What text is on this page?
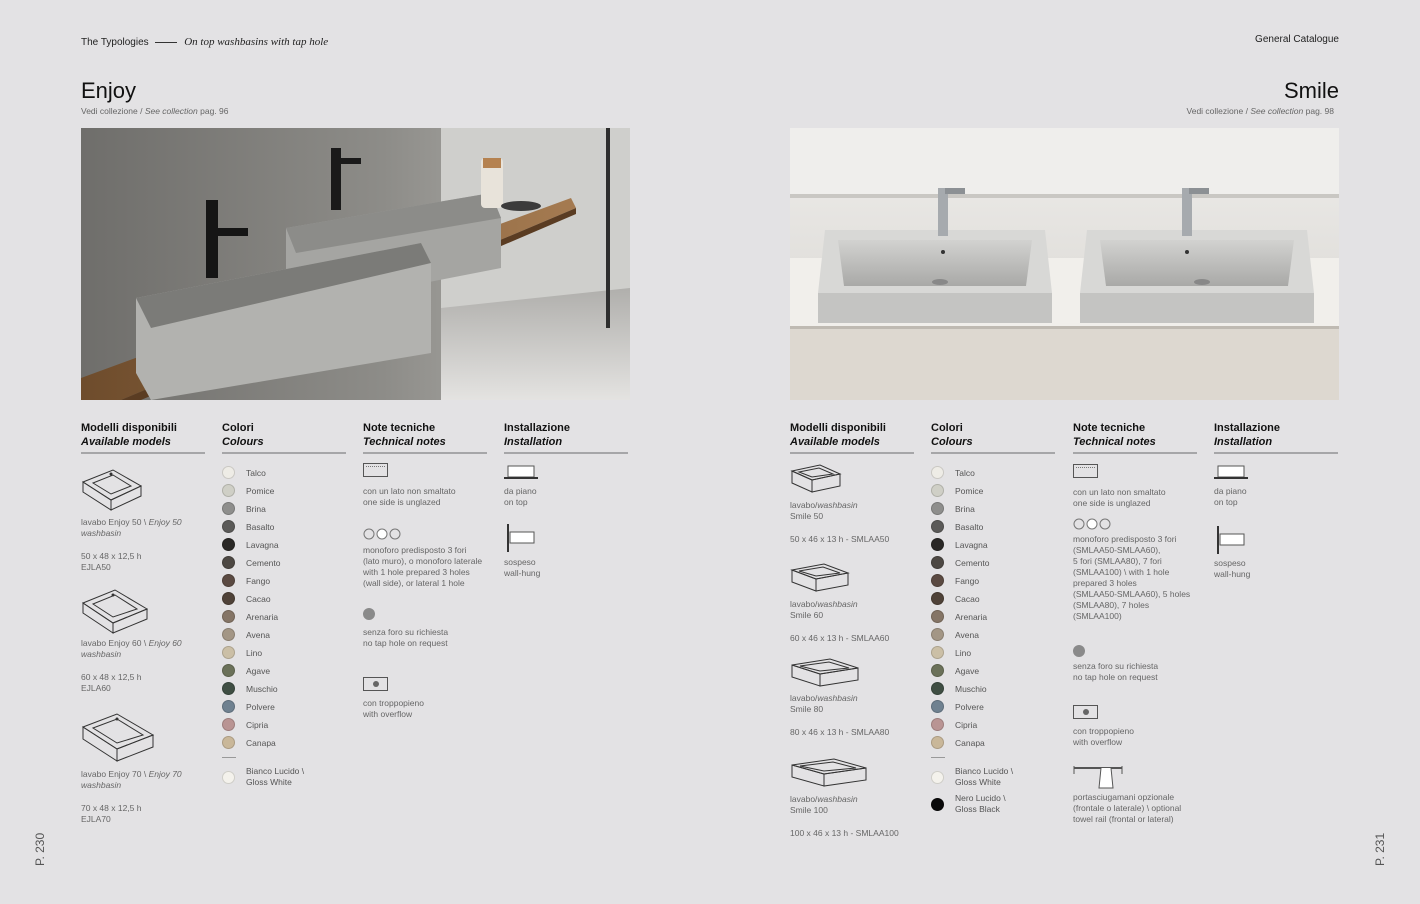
The Typologies	On top washbasins with tap hole	General Catalogue
Enjoy
Vedi collezione / See collection pag. 96
Modelli disponibili
Available models
Colori
Colours
Note tecniche
Technical notes
Installazione
Installation
lavabo Enjoy 50 \ Enjoy 50 washbasin
50 x 48 x 12,5 h
EJLA50
lavabo Enjoy 60 \ Enjoy 60 washbasin
60 x 48 x 12,5 h
EJLA60
lavabo Enjoy 70 \ Enjoy 70 washbasin
70 x 48 x 12,5 h
EJLA70
Talco
Pomice
Brina
Basalto
Lavagna
Cemento
Fango
Cacao
Arenaria
Avena
Lino
Agave
Muschio
Polvere
Cipria
Canapa
Bianco Lucido \
Gloss White
con un lato non smaltato
one side is unglazed
monoforo predisposto 3 fori
(lato muro), o monoforo laterale
with 1 hole prepared 3 holes
(wall side), or lateral 1 hole
senza foro su richiesta
no tap hole on request
con troppopieno
with overflow
da piano
on top
sospeso
wall-hung
P. 230
Smile
Vedi collezione / See collection pag. 98
Modelli disponibili
Available models
Colori
Colours
Note tecniche
Technical notes
Installazione
Installation
lavabo/washbasin
Smile 50
50 x 46 x 13 h - SMLAA50
lavabo/washbasin
Smile 60
60 x 46 x 13 h - SMLAA60
lavabo/washbasin
Smile 80
80 x 46 x 13 h - SMLAA80
lavabo/washbasin
Smile 100
100 x 46 x 13 h - SMLAA100
Talco
Pomice
Brina
Basalto
Lavagna
Cemento
Fango
Cacao
Arenaria
Avena
Lino
Agave
Muschio
Polvere
Cipria
Canapa
Bianco Lucido \
Gloss White
Nero Lucido \
Gloss Black
con un lato non smaltato
one side is unglazed
monoforo predisposto 3 fori
(SMLAA50-SMLAA60),
5 fori (SMLAA80), 7 fori
(SMLAA100) \ with 1 hole
prepared 3 holes
(SMLAA50-SMLAA60), 5 holes
(SMLAA80), 7 holes
(SMLAA100)
senza foro su richiesta
no tap hole on request
con troppopieno
with overflow
portasciugamani opzionale
(frontale o laterale) \ optional
towel rail (frontal or lateral)
da piano
on top
sospeso
wall-hung
P. 231
